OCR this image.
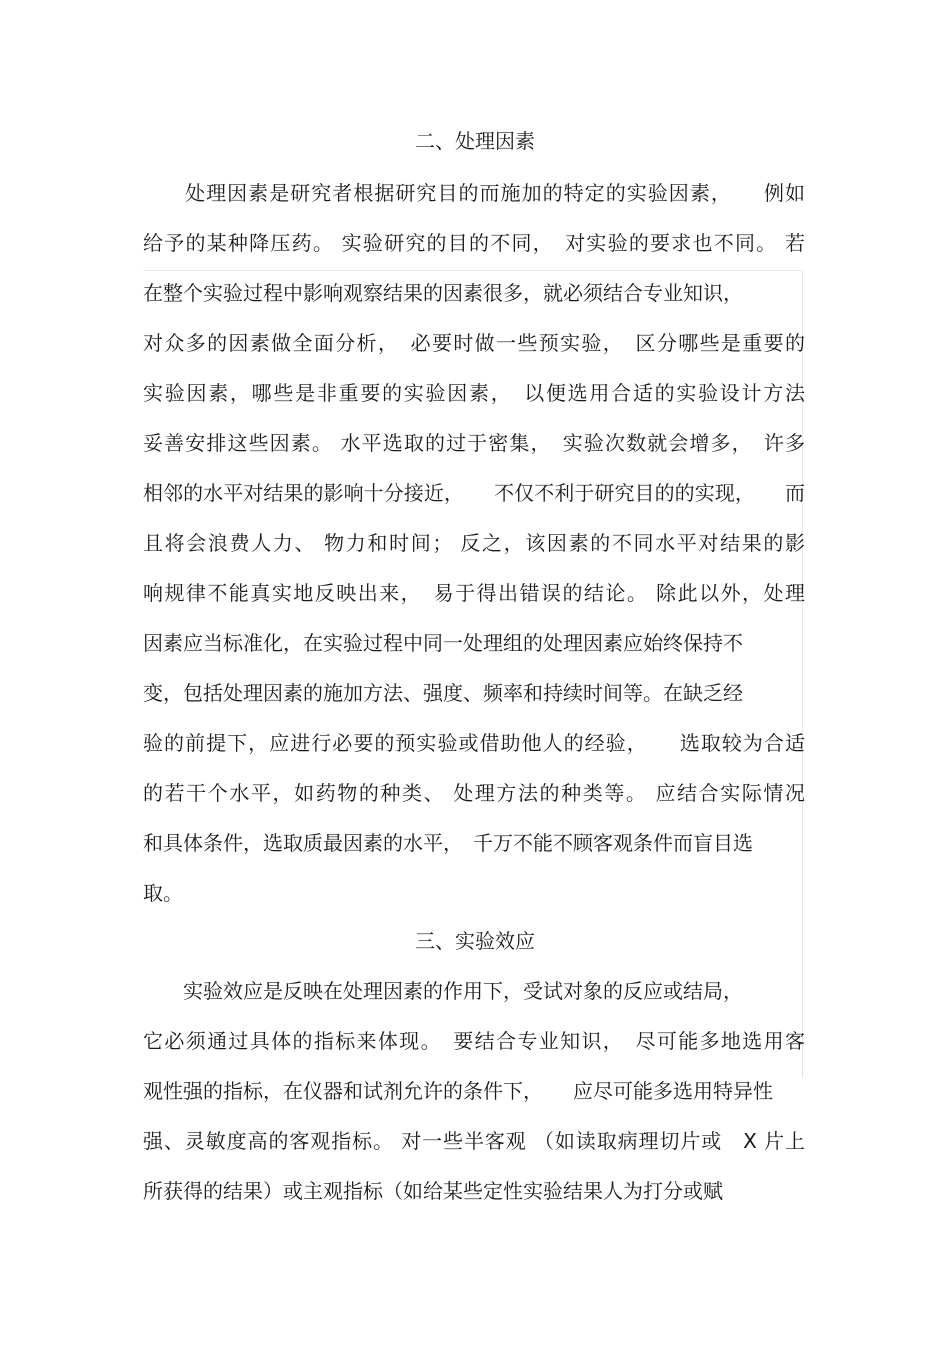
二、处理因素

　　处理因素是研究者根据研究目的而施加的特定的实验因素，　　例如

给予的某种降压药。 实验研究的目的不同，　对实验的要求也不同。 若

在整个实验过程中影响观察结果的因素很多，就必须结合专业知识，

对众多的因素做全面分析，　必要时做一些预实验，　区分哪些是重要的

实验因素，哪些是非重要的实验因素，　以便选用合适的实验设计方法

妥善安排这些因素。 水平选取的过于密集，　实验次数就会增多，　许多

相邻的水平对结果的影响十分接近，　　不仅不利于研究目的的实现，　　而

且将会浪费人力、 物力和时间； 反之，该因素的不同水平对结果的影

响规律不能真实地反映出来，　易于得出错误的结论。 除此以外，处理

因素应当标准化，在实验过程中同一处理组的处理因素应始终保持不

变，包括处理因素的施加方法、强度、频率和持续时间等。在缺乏经

验的前提下，应进行必要的预实验或借助他人的经验，　　选取较为合适

的若干个水平，如药物的种类、 处理方法的种类等。 应结合实际情况

和具体条件，选取质最因素的水平，　千万不能不顾客观条件而盲目选

取。

三、实验效应

　　实验效应是反映在处理因素的作用下，受试对象的反应或结局，

它必须通过具体的指标来体现。　要结合专业知识，　尽可能多地选用客

观性强的指标，在仪器和试剂允许的条件下，　　应尽可能多选用特异性

强、灵敏度高的客观指标。 对一些半客观 （如读取病理切片或　X 片上

所获得的结果）或主观指标（如给某些定性实验结果人为打分或赋
